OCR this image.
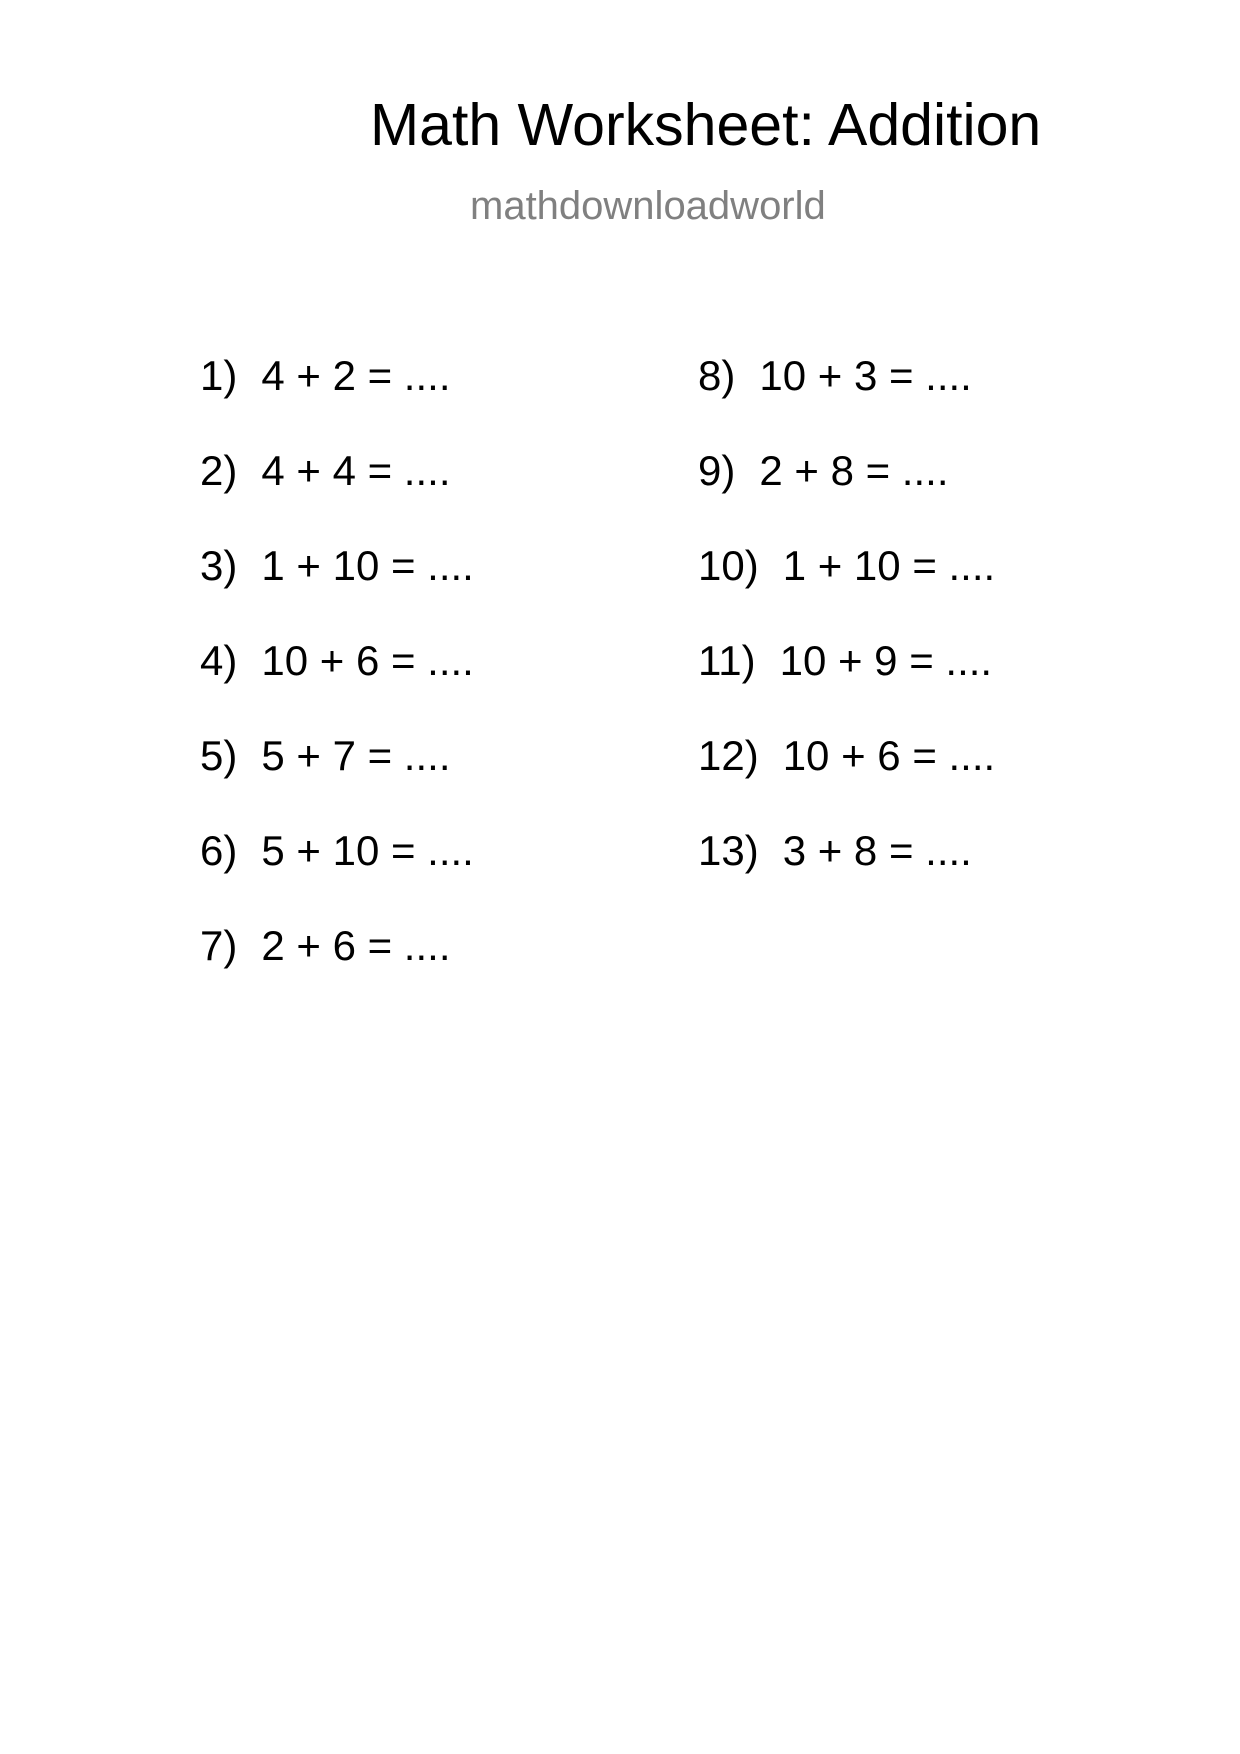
Math Worksheet: Addition
mathdownloadworld
1) 4 + 2 = ....
2) 4 + 4 = ....
3) 1 + 10 = ....
4) 10 + 6 = ....
5) 5 + 7 = ....
6) 5 + 10 = ....
7) 2 + 6 = ....
8) 10 + 3 = ....
9) 2 + 8 = ....
10) 1 + 10 = ....
11) 10 + 9 = ....
12) 10 + 6 = ....
13) 3 + 8 = ....
